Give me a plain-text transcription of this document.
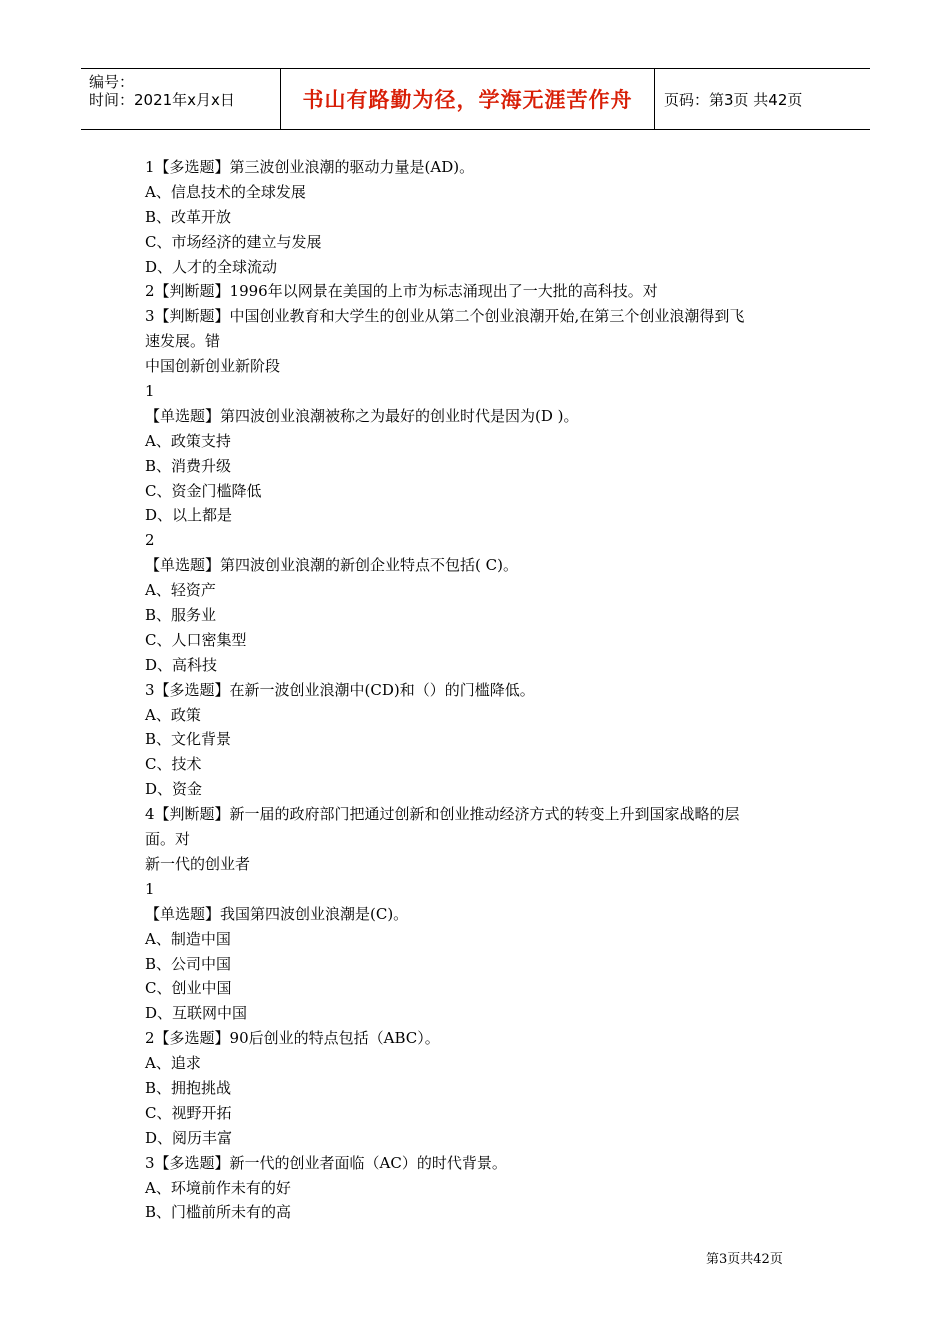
编号：
时间：2021年x月x日	书山有路勤为径，学海无涯苦作舟 页码：第3页 共42页
1【多选题】第三波创业浪潮的驱动力量是(AD)。
A、信息技术的全球发展
B、改革开放
C、市场经济的建立与发展
D、人才的全球流动
2【判断题】1996年以网景在美国的上市为标志涌现出了一大批的高科技。对
3【判断题】中国创业教育和大学生的创业从第二个创业浪潮开始,在第三个创业浪潮得到飞
速发展。错
中国创新创业新阶段
1
【单选题】第四波创业浪潮被称之为最好的创业时代是因为(D )。
A、政策支持
B、消费升级
C、资金门槛降低
D、以上都是
2
【单选题】第四波创业浪潮的新创企业特点不包括( C)。
A、轻资产
B、服务业
C、人口密集型
D、高科技
3【多选题】在新一波创业浪潮中(CD)和（）的门槛降低。
A、政策
B、文化背景
C、技术
D、资金
4【判断题】新一届的政府部门把通过创新和创业推动经济方式的转变上升到国家战略的层
面。对
新一代的创业者
1
【单选题】我国第四波创业浪潮是(C)。
A、制造中国
B、公司中国
C、创业中国
D、互联网中国
2【多选题】90后创业的特点包括（ABC）。
A、追求
B、拥抱挑战
C、视野开拓
D、阅历丰富
3【多选题】新一代的创业者面临（AC）的时代背景。
A、环境前作未有的好
B、门槛前所未有的高
第3页共42页
